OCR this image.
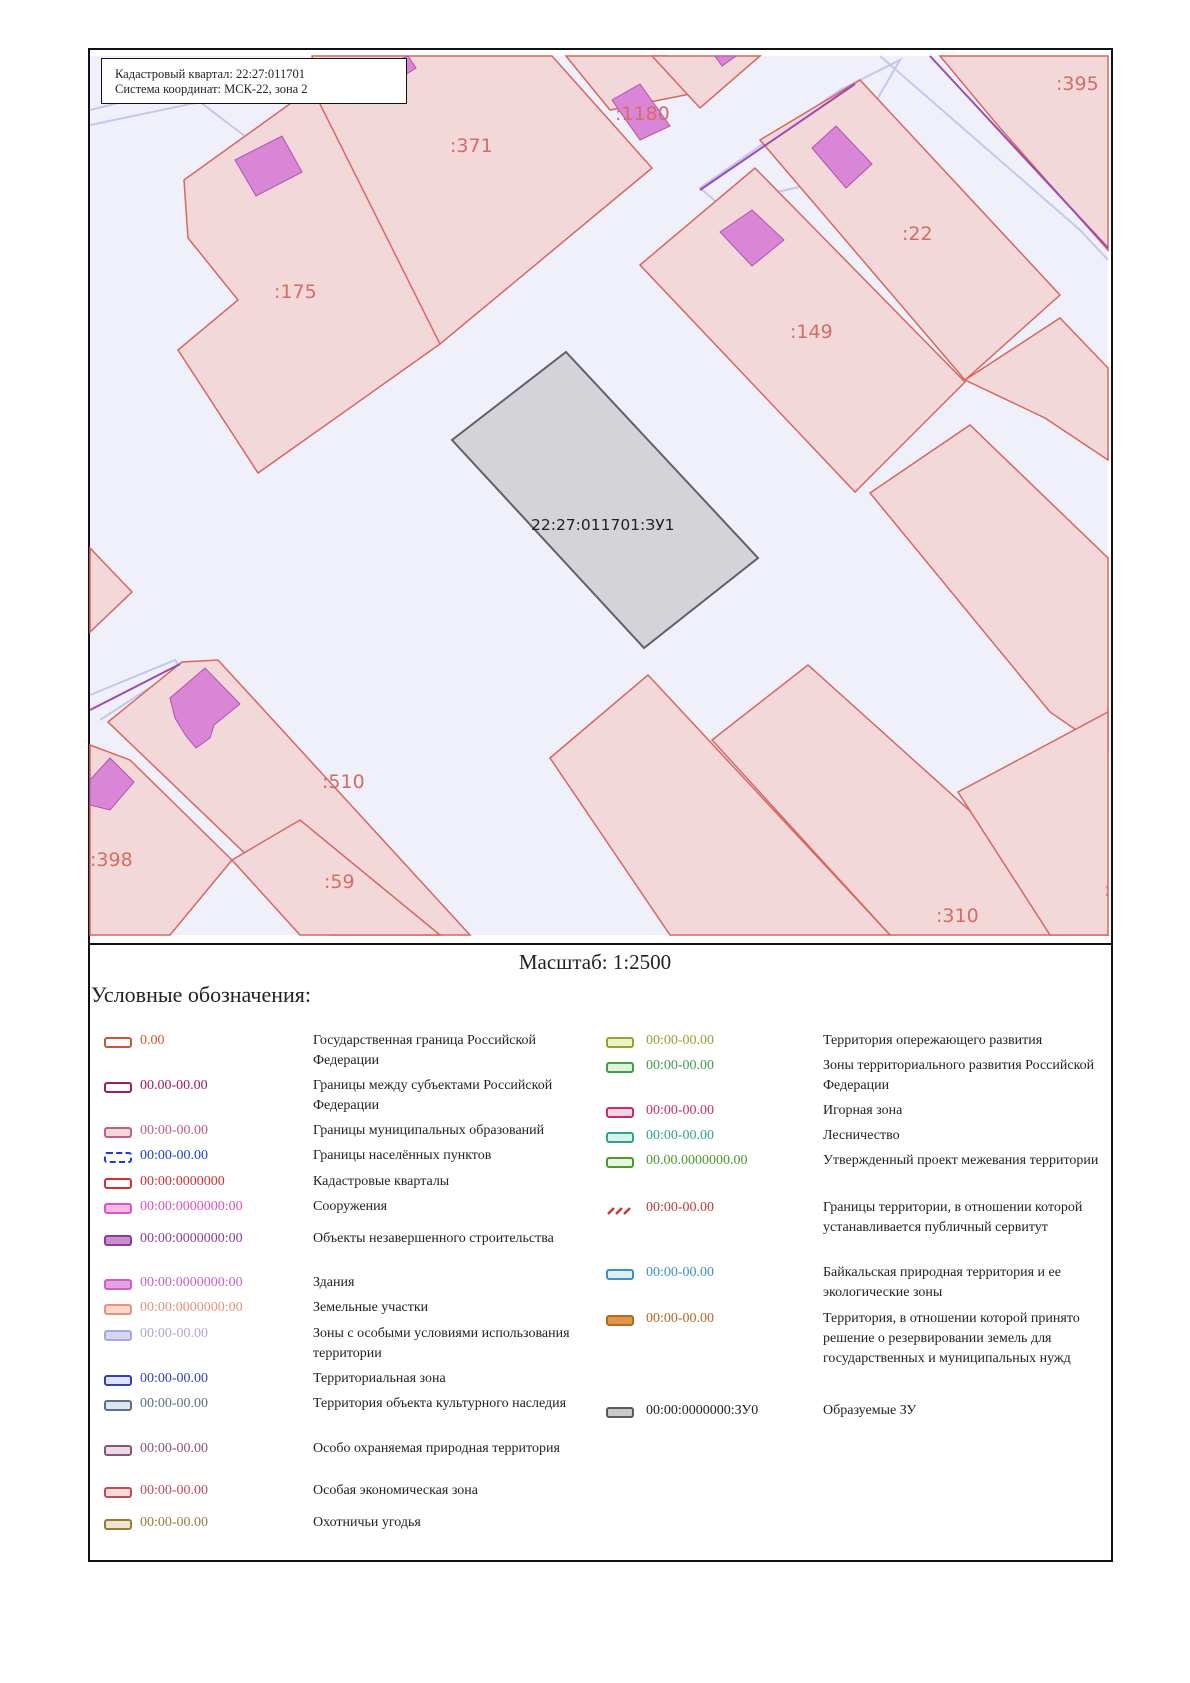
:371
:1180
:395
:22
:175
:149
:510
:398
:59
:310
:
22:27:011701:ЗУ1
Кадастровый квартал: 22:27:011701
Система координат: МСК-22, зона 2
Масштаб: 1:2500
Условные обозначения:
0.00	Государственная граница Российской Федерации
00.00-00.00	Границы между субъектами Российской Федерации
00:00-00.00	Границы муниципальных образований
00:00-00.00	Границы населённых пунктов
00:00:0000000	Кадастровые кварталы
00:00:0000000:00	Сооружения
00:00:0000000:00	Объекты незавершенного строительства
00:00:0000000:00	Здания
00:00:0000000:00	Земельные участки
00:00-00.00	Зоны с особыми условиями использования территории
00:00-00.00	Территориальная зона
00:00-00.00	Территория объекта культурного наследия
00:00-00.00	Особо охраняемая природная территория
00:00-00.00	Особая экономическая зона
00:00-00.00	Охотничьи угодья
00:00-00.00	Территория опережающего развития
00:00-00.00	Зоны территориального развития Российской Федерации
00:00-00.00	Игорная зона
00:00-00.00	Лесничество
00.00.0000000.00	Утвержденный проект межевания территории
00:00-00.00	Границы территории, в отношении которой устанавливается публичный сервитут
00:00-00.00	Байкальская природная территория и ее экологические зоны
00:00-00.00	Территория, в отношении которой принято решение о резервировании земель для государственных и муниципальных нужд
00:00:0000000:ЗУ0	Образуемые ЗУ
